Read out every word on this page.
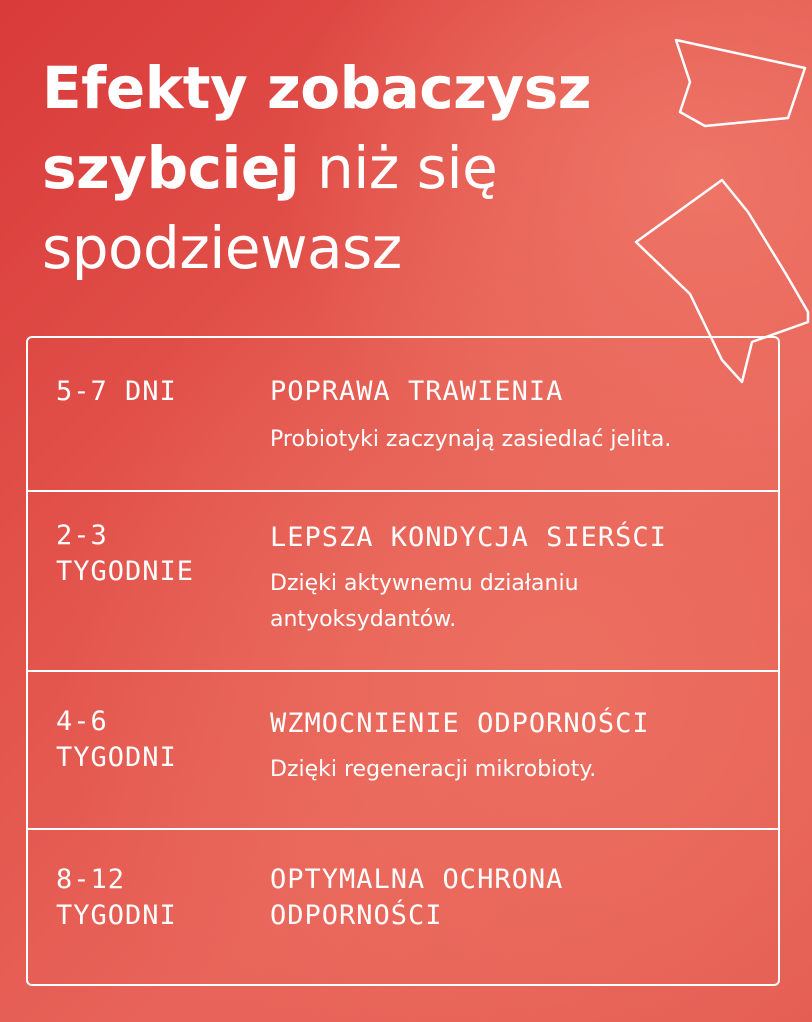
Efekty zobaczysz
szybciej niż się
spodziewasz
5-7 DNI	POPRAWA TRAWIENIA
Probiotyki zaczynają zasiedlać jelita.
2-3
TYGODNIE
LEPSZA KONDYCJA SIERŚCI
Dzięki aktywnemu działaniu
antyoksydantów.
4-6
TYGODNI
WZMOCNIENIE ODPORNOŚCI
Dzięki regeneracji mikrobioty.
8-12
TYGODNI
OPTYMALNA OCHRONA
ODPORNOŚCI
